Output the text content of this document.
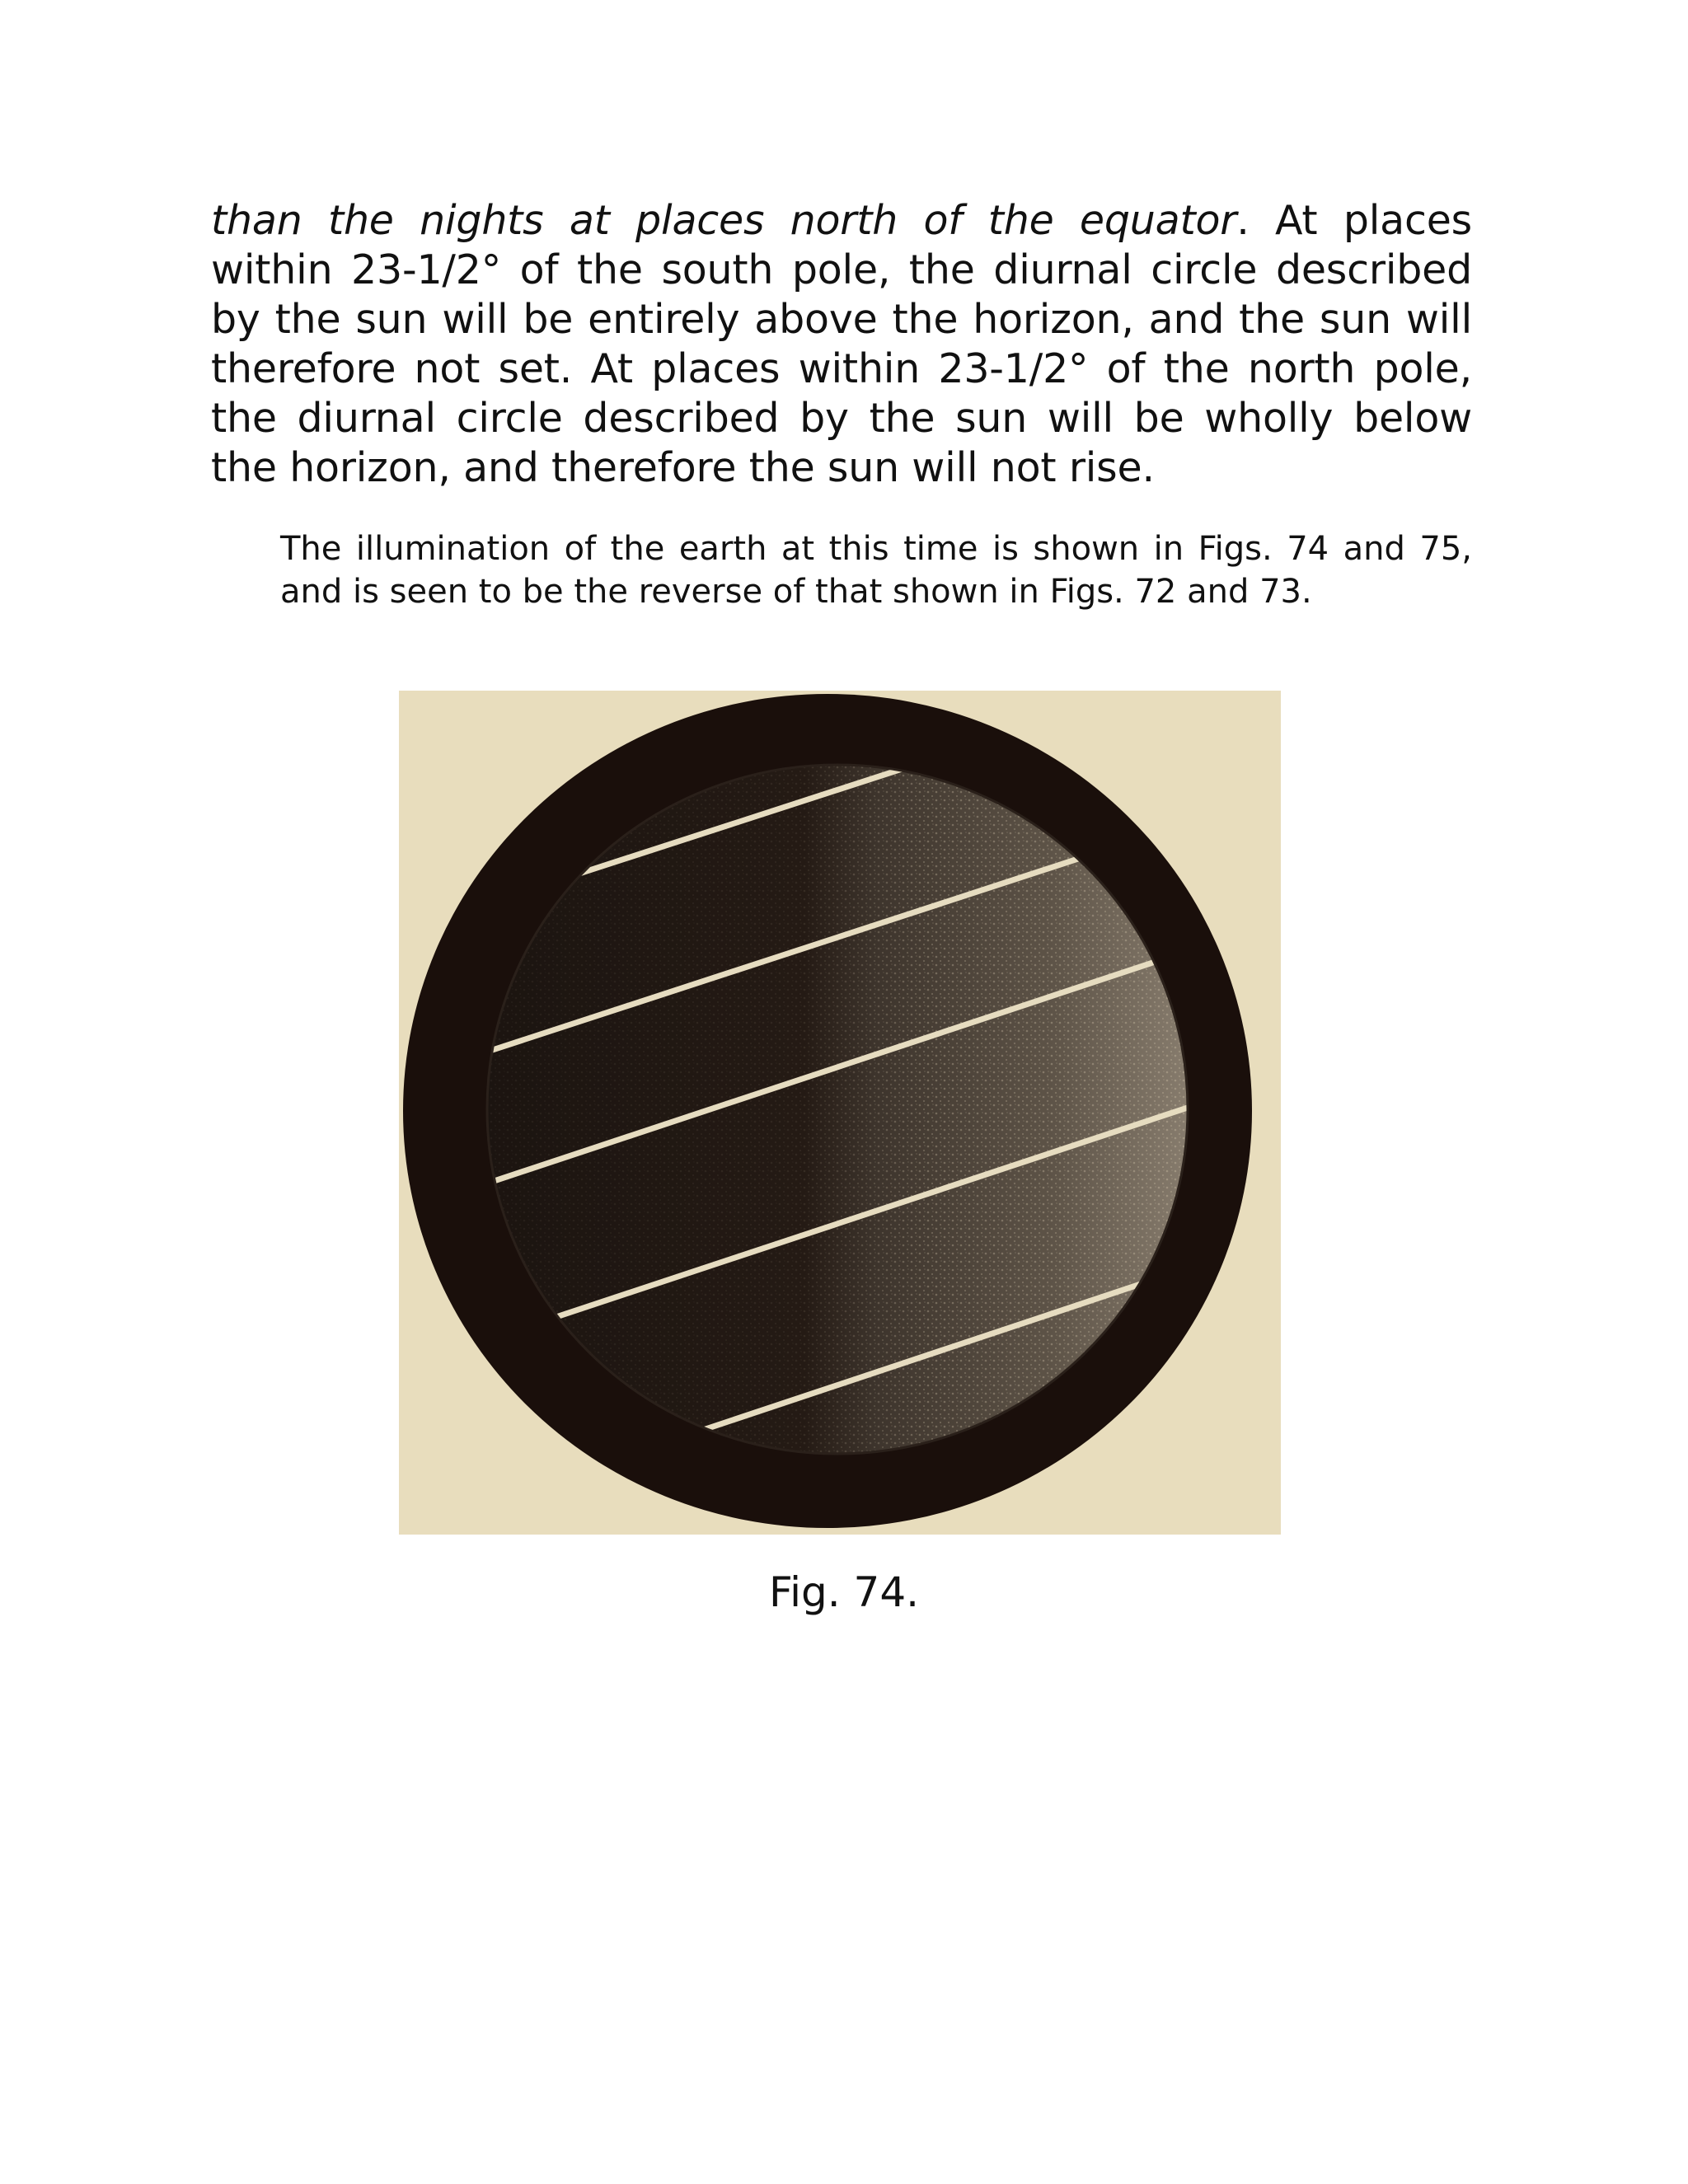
than the nights at places north of the equator. At places within 23-1/2° of the south pole, the diurnal circle described by the sun will be entirely above the horizon, and the sun will therefore not set. At places within 23-1/2° of the north pole, the diurnal circle described by the sun will be wholly below the horizon, and therefore the sun will not rise.

The illumination of the earth at this time is shown in Figs. 74 and 75, and is seen to be the reverse of that shown in Figs. 72 and 73.

Fig. 74.
